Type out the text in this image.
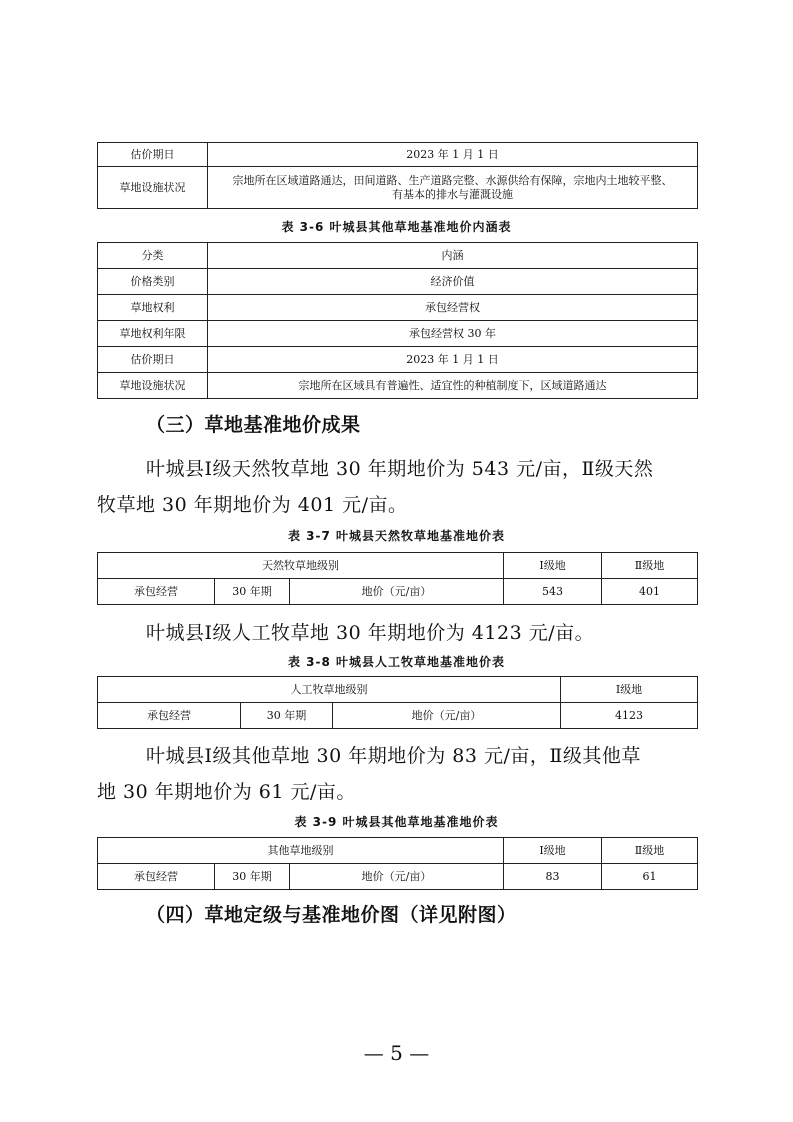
估价期日	2023 年 1 月 1 日
草地设施状况	宗地所在区域道路通达，田间道路、生产道路完整、水源供给有保障，宗地内土地较平整、
有基本的排水与灌溉设施
表 3-6 叶城县其他草地基准地价内涵表
分类	内涵
价格类别	经济价值
草地权利	承包经营权
草地权利年限	承包经营权 30 年
估价期日	2023 年 1 月 1 日
草地设施状况	宗地所在区域具有普遍性、适宜性的种植制度下，区域道路通达
（三）草地基准地价成果
叶城县Ⅰ级天然牧草地 30 年期地价为 543 元/亩，Ⅱ级天然
牧草地 30 年期地价为 401 元/亩。
表 3-7 叶城县天然牧草地基准地价表
天然牧草地级别			Ⅰ级地	Ⅱ级地
承包经营	30 年期	地价（元/亩）	543	401
叶城县Ⅰ级人工牧草地 30 年期地价为 4123 元/亩。
表 3-8 叶城县人工牧草地基准地价表
人工牧草地级别			Ⅰ级地
承包经营	30 年期	地价（元/亩）	4123
叶城县Ⅰ级其他草地 30 年期地价为 83 元/亩，Ⅱ级其他草
地 30 年期地价为 61 元/亩。
表 3-9 叶城县其他草地基准地价表
其他草地级别			Ⅰ级地	Ⅱ级地
承包经营	30 年期	地价（元/亩）	83	61
（四）草地定级与基准地价图（详见附图）
— 5 —
